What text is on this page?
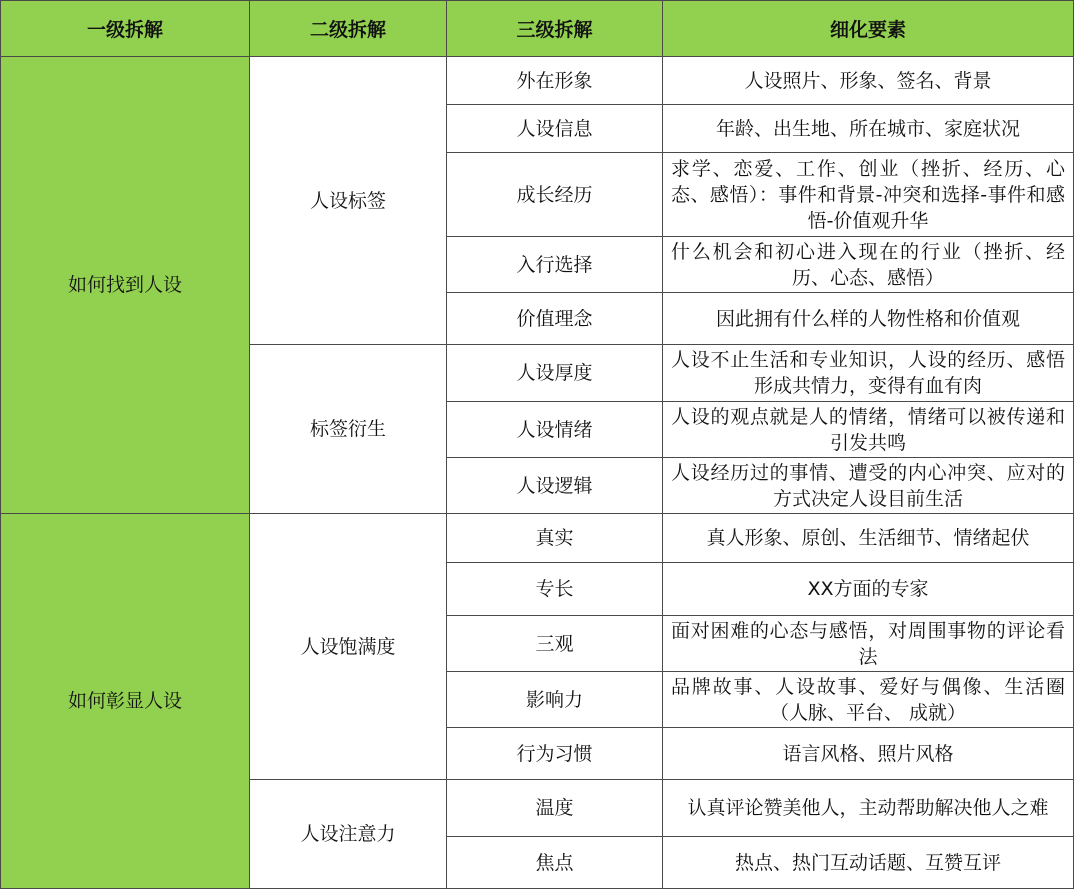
一级拆解	二级拆解	三级拆解	细化要素
如何找到人设	人设标签	外在形象	人设照片、形象、签名、背景
		人设信息	年龄、出生地、所在城市、家庭状况
		成长经历	求学、恋爱、工作、创业（挫折、经历、心态、感悟）：事件和背景-冲突和选择-事件和感悟-价值观升华
		入行选择	什么机会和初心进入现在的行业（挫折、经历、心态、感悟）
		价值理念	因此拥有什么样的人物性格和价值观
	标签衍生	人设厚度	人设不止生活和专业知识，人设的经历、感悟形成共情力，变得有血有肉
		人设情绪	人设的观点就是人的情绪，情绪可以被传递和引发共鸣
		人设逻辑	人设经历过的事情、遭受的内心冲突、应对的方式决定人设目前生活
如何彰显人设	人设饱满度	真实	真人形象、原创、生活细节、情绪起伏
		专长	XX方面的专家
		三观	面对困难的心态与感悟，对周围事物的评论看法
		影响力	品牌故事、人设故事、爱好与偶像、生活圈（人脉、平台、 成就）
		行为习惯	语言风格、照片风格
	人设注意力	温度	认真评论赞美他人，主动帮助解决他人之难
		焦点	热点、热门互动话题、互赞互评
